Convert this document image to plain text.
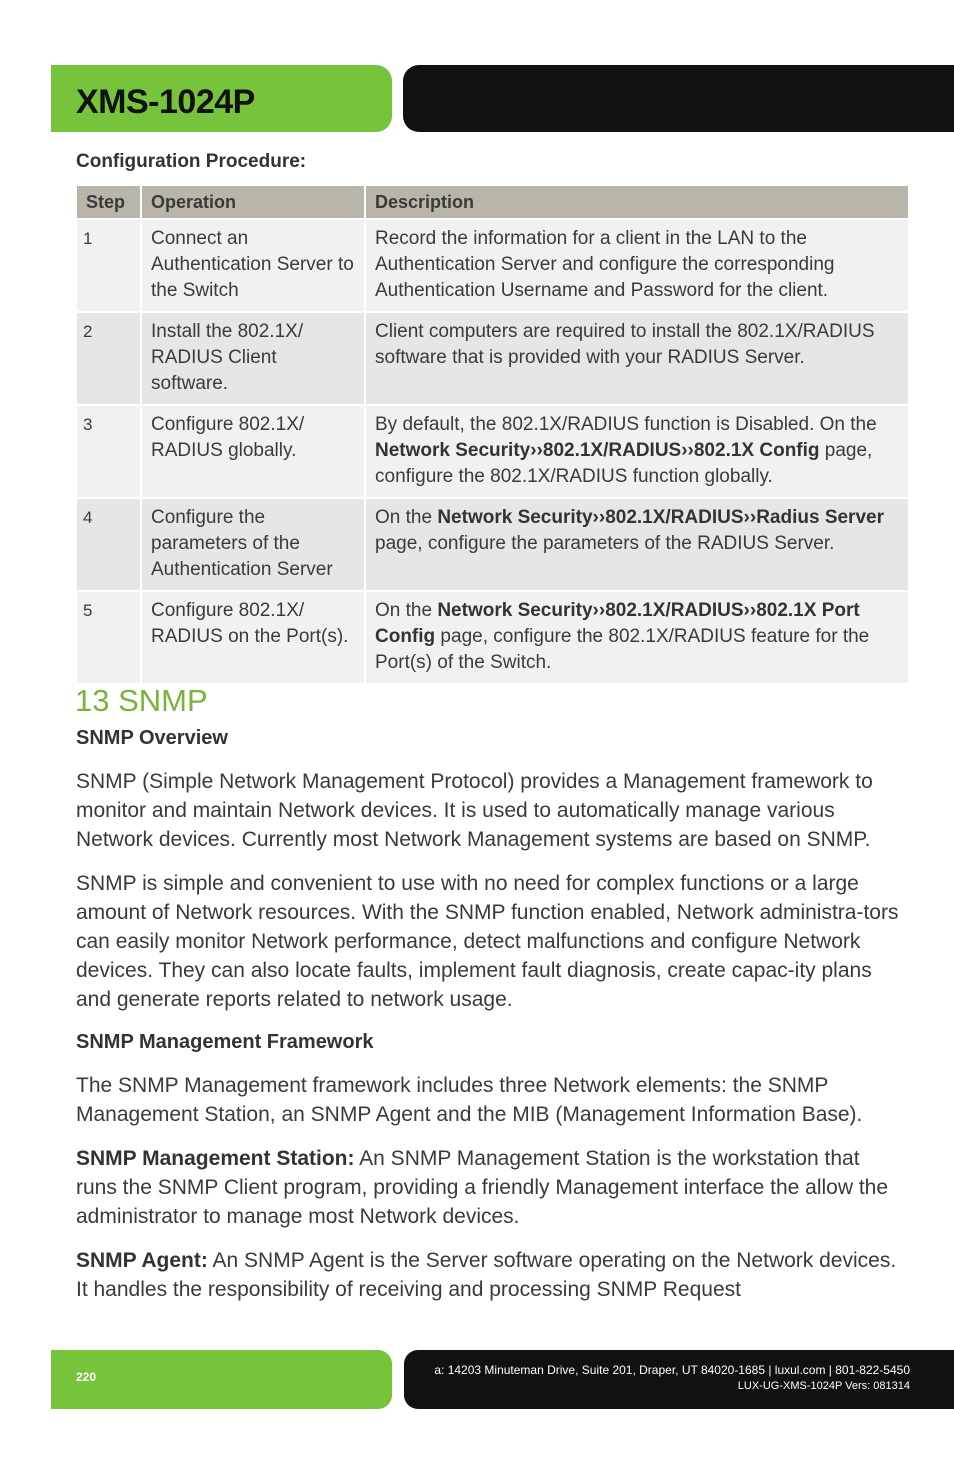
XMS-1024P
Configuration Procedure:
Step	Operation	Description
1	Connect an Authentication Server to the Switch	Record the information for a client in the LAN to the Authentication Server and configure the corresponding Authentication Username and Password for the client.
2	Install the 802.1X/ RADIUS Client software.	Client computers are required to install the 802.1X/RADIUS software that is provided with your RADIUS Server.
3	Configure 802.1X/ RADIUS globally.	By default, the 802.1X/RADIUS function is Disabled. On the Network Security››802.1X/RADIUS››802.1X Config page, configure the 802.1X/RADIUS function globally.
4	Configure the parameters of the Authentication Server	On the Network Security››802.1X/RADIUS››Radius Server page, configure the parameters of the RADIUS Server.
5	Configure 802.1X/ RADIUS on the Port(s).	On the Network Security››802.1X/RADIUS››802.1X Port Config page, configure the 802.1X/RADIUS feature for the Port(s) of the Switch.
13 SNMP
SNMP Overview

SNMP (Simple Network Management Protocol) provides a Management framework to monitor and maintain Network devices. It is used to automatically manage various Network devices. Currently most Network Management systems are based on SNMP.

SNMP is simple and convenient to use with no need for complex functions or a large amount of Network resources. With the SNMP function enabled, Network administra-tors can easily monitor Network performance, detect malfunctions and configure Network devices. They can also locate faults, implement fault diagnosis, create capac-ity plans and generate reports related to network usage.

SNMP Management Framework

The SNMP Management framework includes three Network elements: the SNMP Management Station, an SNMP Agent and the MIB (Management Information Base).

SNMP Management Station: An SNMP Management Station is the workstation that runs the SNMP Client program, providing a friendly Management interface the allow the administrator to manage most Network devices.

SNMP Agent: An SNMP Agent is the Server software operating on the Network devices. It handles the responsibility of receiving and processing SNMP Request

220	a: 14203 Minuteman Drive, Suite 201, Draper, UT 84020-1685 | luxul.com | 801-822-5450
LUX-UG-XMS-1024P Vers: 081314
